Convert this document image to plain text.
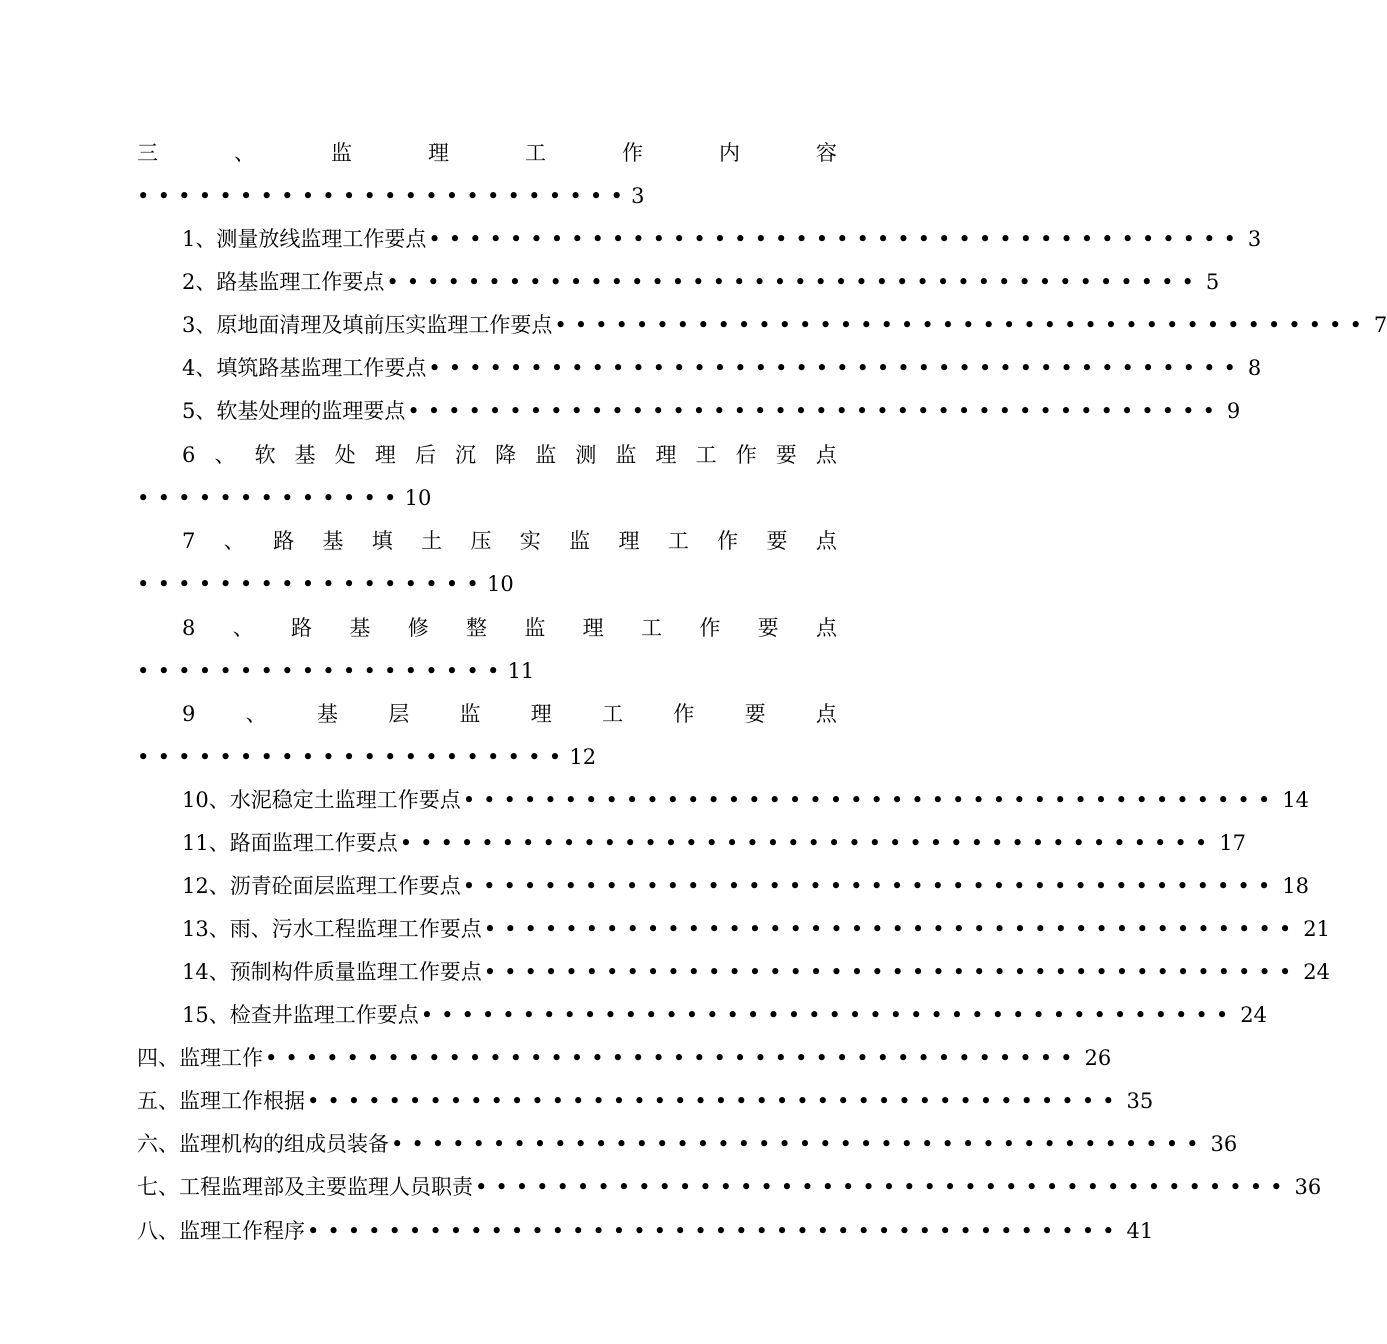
三	、	监	理	工	作	内	容
••••••••••••••••••••••••3
1、测量放线监理工作要点 •••••••••••••••••••••••••••••••••••••••• 3
2、路基监理工作要点 •••••••••••••••••••••••••••••••••••••••• 5
3、原地面清理及填前压实监理工作要点 •••••••••••••••••••••••••••••••••••••••• 7
4、填筑路基监理工作要点 •••••••••••••••••••••••••••••••••••••••• 8
5、软基处理的监理要点 •••••••••••••••••••••••••••••••••••••••• 9
6 、 软 基 处 理 后 沉 降 监 测 监 理 工 作 要 点
•••••••••••••10
7 、 路 基 填 土 压 实 监 理 工 作 要 点
•••••••••••••••••10
8 、 路 基 修 整 监 理 工 作 要 点
••••••••••••••••••11
9 、 基 层 监 理 工 作 要 点
•••••••••••••••••••••12
10、水泥稳定土监理工作要点 •••••••••••••••••••••••••••••••••••••••• 14
11、路面监理工作要点 •••••••••••••••••••••••••••••••••••••••• 17
12、沥青砼面层监理工作要点 •••••••••••••••••••••••••••••••••••••••• 18
13、雨、污水工程监理工作要点 •••••••••••••••••••••••••••••••••••••••• 21
14、预制构件质量监理工作要点 •••••••••••••••••••••••••••••••••••••••• 24
15、检查井监理工作要点 •••••••••••••••••••••••••••••••••••••••• 24
四、监理工作 •••••••••••••••••••••••••••••••••••••••• 26
五、监理工作根据 •••••••••••••••••••••••••••••••••••••••• 35
六、监理机构的组成员装备 •••••••••••••••••••••••••••••••••••••••• 36
七、工程监理部及主要监理人员职责 •••••••••••••••••••••••••••••••••••••••• 36
八、监理工作程序 •••••••••••••••••••••••••••••••••••••••• 41
